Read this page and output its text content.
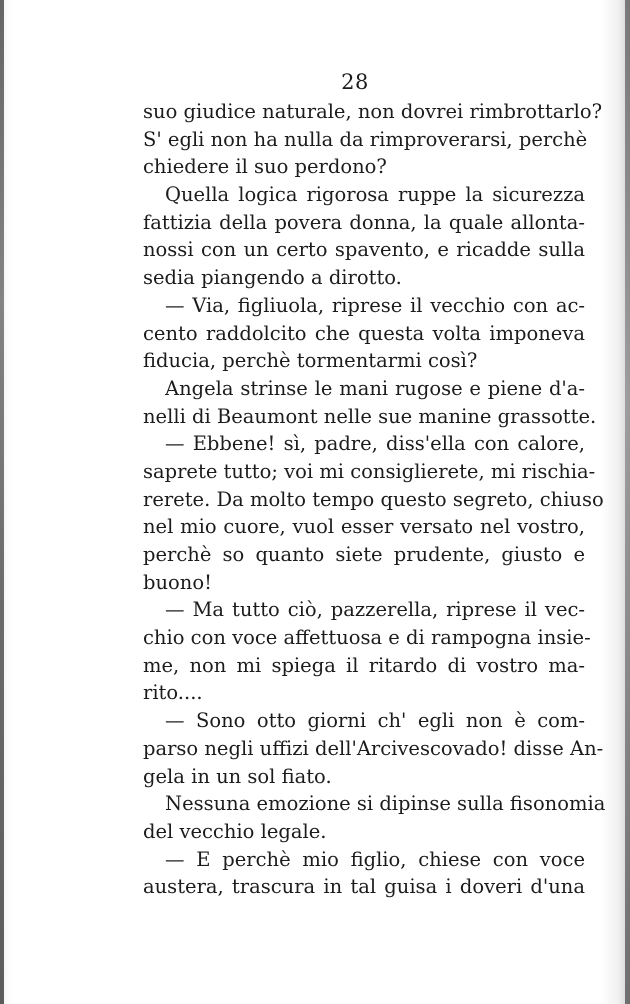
28
suo giudice naturale, non dovrei rimbrottarlo?
S' egli non ha nulla da rimproverarsi, perchè
chiedere il suo perdono?
Quella logica rigorosa ruppe la sicurezza
fattizia della povera donna, la quale allonta-
nossi con un certo spavento, e ricadde sulla
sedia piangendo a dirotto.
— Via, figliuola, riprese il vecchio con ac-
cento raddolcito che questa volta imponeva
fiducia, perchè tormentarmi così?
Angela strinse le mani rugose e piene d'a-
nelli di Beaumont nelle sue manine grassotte.
— Ebbene! sì, padre, diss'ella con calore,
saprete tutto; voi mi consiglierete, mi rischia-
rerete. Da molto tempo questo segreto, chiuso
nel mio cuore, vuol esser versato nel vostro,
perchè so quanto siete prudente, giusto e
buono!
— Ma tutto ciò, pazzerella, riprese il vec-
chio con voce affettuosa e di rampogna insie-
me, non mi spiega il ritardo di vostro ma-
rito....
— Sono otto giorni ch' egli non è com-
parso negli uffizi dell'Arcivescovado! disse An-
gela in un sol fiato.
Nessuna emozione si dipinse sulla fisonomia
del vecchio legale.
— E perchè mio figlio, chiese con voce
austera, trascura in tal guisa i doveri d'una
